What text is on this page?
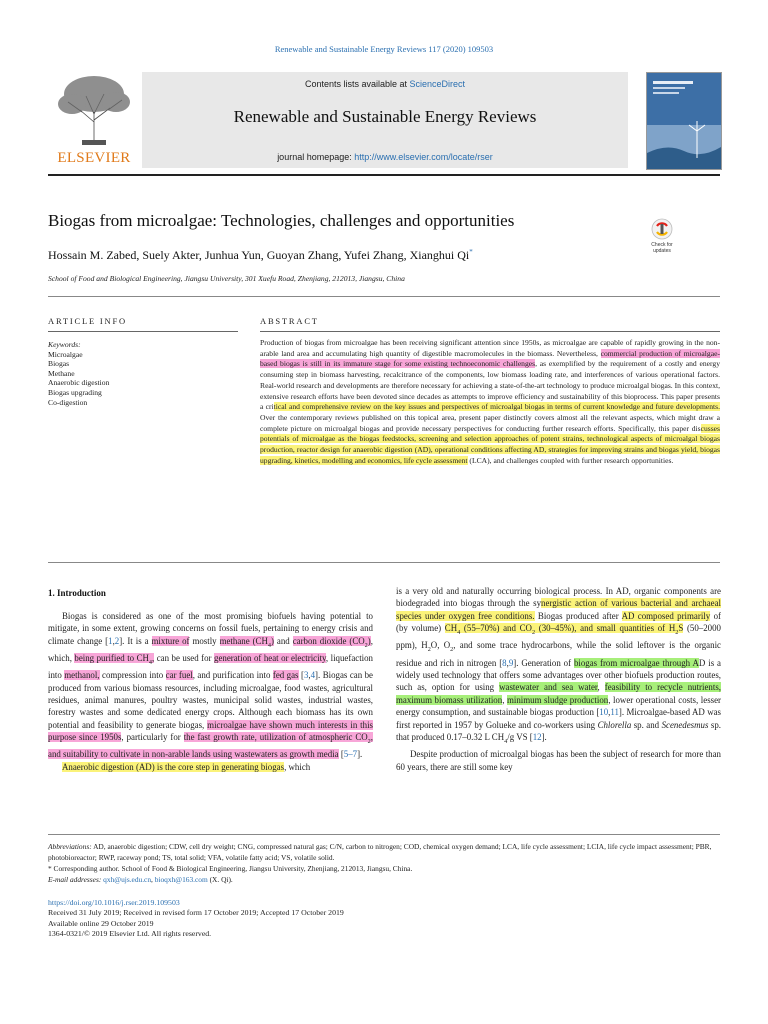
Renewable and Sustainable Energy Reviews 117 (2020) 109503
ELSEVIER
Contents lists available at ScienceDirect
Renewable and Sustainable Energy Reviews
journal homepage: http://www.elsevier.com/locate/rser
Biogas from microalgae: Technologies, challenges and opportunities
Check for updates
Hossain M. Zabed, Suely Akter, Junhua Yun, Guoyan Zhang, Yufei Zhang, Xianghui Qi*
School of Food and Biological Engineering, Jiangsu University, 301 Xuefu Road, Zhenjiang, 212013, Jiangsu, China
ARTICLE INFO
Keywords:
Microalgae
Biogas
Methane
Anaerobic digestion
Biogas upgrading
Co-digestion
ABSTRACT
Production of biogas from microalgae has been receiving significant attention since 1950s, as microalgae are capable of rapidly growing in the non-arable land area and accumulating high quantity of digestible macromolecules in the biomass. Nevertheless, commercial production of microalgae-based biogas is still in its immature stage for some existing technoeconomic challenges, as exemplified by the requirement of a costly and energy consuming step in biomass harvesting, recalcitrance of the components, low biomass loading rate, and interferences of various operational factors. Real-world research and developments are therefore necessary for achieving a state-of-the-art technology to produce microalgal biogas. In this context, extensive research efforts have been devoted since decades as attempts to improve efficiency and sustainability of this bioprocess. This paper presents a critical and comprehensive review on the key issues and perspectives of microalgal biogas in terms of current knowledge and future developments. Over the contemporary reviews published on this topical area, present paper distinctly covers almost all the relevant aspects, which might draw a complete picture on microalgal biogas and provide necessary perspectives for conducting further research efforts. Specifically, this paper discusses potentials of microalgae as the biogas feedstocks, screening and selection approaches of potent strains, technological aspects of microalgal biogas production, reactor design for anaerobic digestion (AD), operational conditions affecting AD, strategies for improving strains and biogas yield, biogas upgrading, kinetics, modelling and economics, life cycle assessment (LCA), and challenges coupled with further research opportunities.
1. Introduction
Biogas is considered as one of the most promising biofuels having potential to mitigate, in some extent, growing concerns on fossil fuels, pertaining to energy crisis and climate change [1,2]. It is a mixture of mostly methane $(CH_4)$ and carbon dioxide $(CO_2)$, which, being purified to $CH_4$, can be used for generation of heat or electricity, liquefaction into methanol, compression into car fuel, and purification into fed gas [3,4]. Biogas can be produced from various biomass resources, including microalgae, food wastes, agricultural residues, animal manures, poultry wastes, municipal solid wastes, industrial wastes, forestry wastes and some dedicated energy crops. Although each biomass has its own potential and feasibility to generate biogas, microalgae have shown much interests in this purpose since 1950s, particularly for the fast growth rate, utilization of atmospheric $CO_2$, and suitability to cultivate in non-arable lands using wastewaters as growth media [5–7].
Anaerobic digestion (AD) is the core step in generating biogas, which
is a very old and naturally occurring biological process. In AD, organic components are biodegraded into biogas through the synergistic action of various bacterial and archaeal species under oxygen free conditions. Biogas produced after AD composed primarily of (by volume) $CH_4$ (55–70%) and $CO_2$ (30–45%), and small quantities of $H_2S$ (50–2000 ppm), $H_2O$, $O_2$, and some trace hydrocarbons, while the solid leftover is the organic residue and rich in nitrogen [8,9]. Generation of biogas from microalgae through AD is a widely used technology that offers some advantages over other biofuels production routes, such as, option for using wastewater and sea water, feasibility to recycle nutrients, maximum biomass utilization, minimum sludge production, lower operational costs, lesser energy consumption, and sustainable biogas production [10,11]. Microalgae-based AD was first reported in 1957 by Golueke and co-workers using Chlorella sp. and Scenedesmus sp. that produced 0.17–0.32 L $CH_4/g$ VS [12].
Despite production of microalgal biogas has been the subject of research for more than 60 years, there are still some key
Abbreviations: AD, anaerobic digestion; CDW, cell dry weight; CNG, compressed natural gas; C/N, carbon to nitrogen; COD, chemical oxygen demand; LCA, life cycle assessment; LCIA, life cycle impact assessment; PBR, photobioreactor; RWP, raceway pond; TS, total solid; VFA, volatile fatty acid; VS, volatile solid.
* Corresponding author. School of Food & Biological Engineering, Jiangsu University, Zhenjiang, 212013, Jiangsu, China.
E-mail addresses: qxh@ujs.edu.cn, bioqxh@163.com (X. Qi).
https://doi.org/10.1016/j.rser.2019.109503
Received 31 July 2019; Received in revised form 17 October 2019; Accepted 17 October 2019
Available online 29 October 2019
1364-0321/© 2019 Elsevier Ltd. All rights reserved.
